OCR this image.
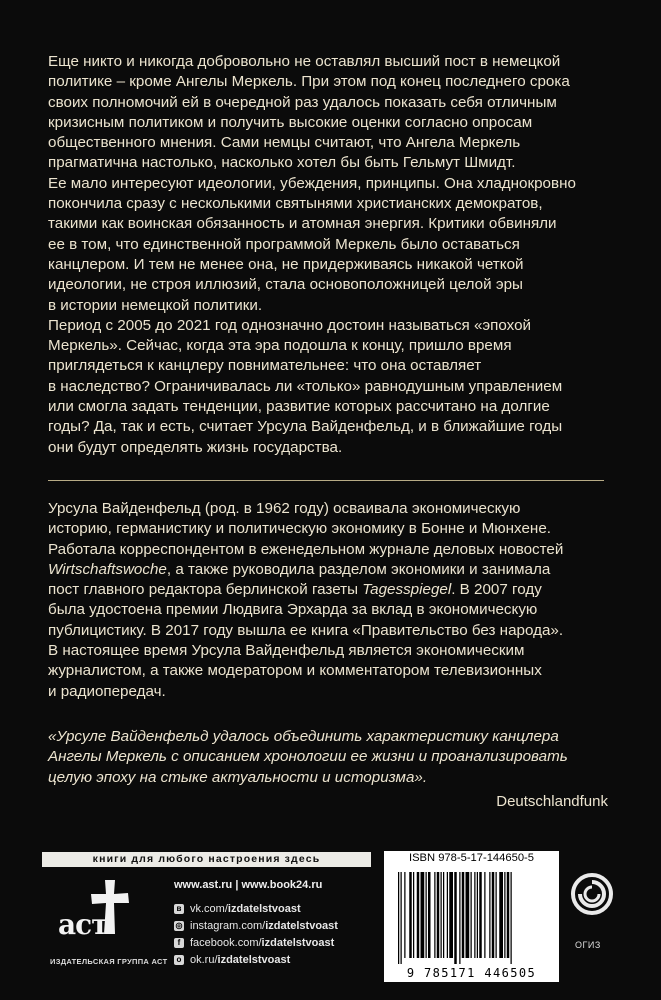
Еще никто и никогда добровольно не оставлял высший пост в немецкой
политике – кроме Ангелы Меркель. При этом под конец последнего срока
своих полномочий ей в очередной раз удалось показать себя отличным
кризисным политиком и получить высокие оценки согласно опросам
общественного мнения. Сами немцы считают, что Ангела Меркель
прагматична настолько, насколько хотел бы быть Гельмут Шмидт.
Ее мало интересуют идеологии, убеждения, принципы. Она хладнокровно
покончила сразу с несколькими святынями христианских демократов,
такими как воинская обязанность и атомная энергия. Критики обвиняли
ее в том, что единственной программой Меркель было оставаться
канцлером. И тем не менее она, не придерживаясь никакой четкой
идеологии, не строя иллюзий, стала основоположницей целой эры
в истории немецкой политики.
Период с 2005 до 2021 год однозначно достоин называться «эпохой
Меркель». Сейчас, когда эта эра подошла к концу, пришло время
приглядеться к канцлеру повнимательнее: что она оставляет
в наследство? Ограничивалась ли «только» равнодушным управлением
или смогла задать тенденции, развитие которых рассчитано на долгие
годы? Да, так и есть, считает Урсула Вайденфельд, и в ближайшие годы
они будут определять жизнь государства.
Урсула Вайденфельд (род. в 1962 году) осваивала экономическую
историю, германистику и политическую экономику в Бонне и Мюнхене.
Работала корреспондентом в еженедельном журнале деловых новостей
Wirtschaftswoche, а также руководила разделом экономики и занимала
пост главного редактора берлинской газеты Tagesspiegel. В 2007 году
была удостоена премии Людвига Эрхарда за вклад в экономическую
публицистику. В 2017 году вышла ее книга «Правительство без народа».
В настоящее время Урсула Вайденфельд является экономическим
журналистом, а также модератором и комментатором телевизионных
и радиопередач.
«Урсуле Вайденфельд удалось объединить характеристику канцлера
Ангелы Меркель с описанием хронологии ее жизни и проанализировать
целую эпоху на стыке актуальности и историзма».
Deutschlandfunk
книги для любого настроения здесь
аст
ИЗДАТЕЛЬСКАЯ ГРУППА АСТ
www.ast.ru | www.book24.ru
в vk.com/ izdatelstvoast
◎ instagram.com/ izdatelstvoast
f facebook.com/ izdatelstvoast
о ok.ru/ izdatelstvoast
ISBN 978-5-17-144650-5
9 785171 446505
ОГИЗ
